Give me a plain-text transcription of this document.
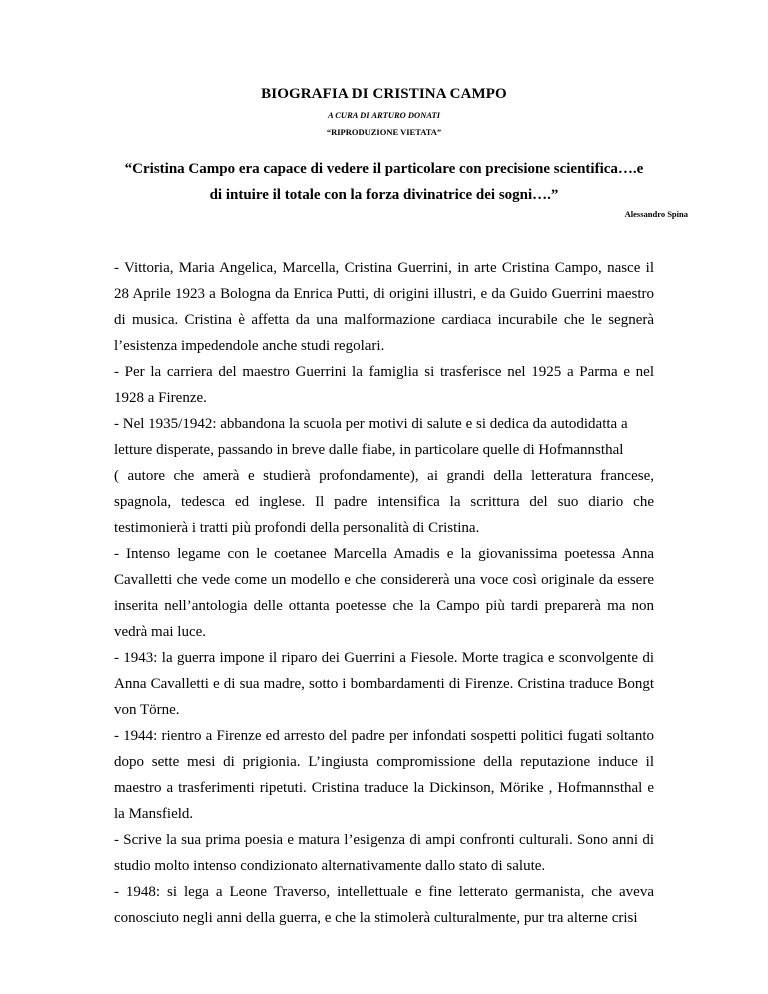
BIOGRAFIA DI CRISTINA CAMPO
A CURA DI ARTURO DONATI
“RIPRODUZIONE VIETATA”
“Cristina Campo era capace di vedere il particolare con precisione scientifica….e di intuire il totale con la forza divinatrice dei sogni….”
Alessandro Spina

- Vittoria, Maria Angelica, Marcella, Cristina Guerrini, in arte Cristina Campo, nasce il 28 Aprile 1923 a Bologna da Enrica Putti, di origini illustri, e da Guido Guerrini maestro di musica. Cristina è affetta da una malformazione cardiaca incurabile che le segnerà l’esistenza impedendole anche studi regolari.

- Per la carriera del maestro Guerrini la famiglia si trasferisce nel 1925 a Parma e nel 1928 a Firenze.

- Nel 1935/1942: abbandona la scuola per motivi di salute e si dedica da autodidatta a letture disperate, passando in breve dalle fiabe, in particolare quelle di Hofmannsthal

( autore che amerà e studierà profondamente), ai grandi della letteratura francese, spagnola, tedesca ed inglese. Il padre intensifica la scrittura del suo diario che testimonierà i tratti più profondi della personalità di Cristina.

- Intenso legame con le coetanee Marcella Amadis e la giovanissima poetessa Anna Cavalletti che vede come un modello e che considererà una voce così originale da essere inserita nell’antologia delle ottanta poetesse che la Campo più tardi preparerà ma non vedrà mai luce.

- 1943: la guerra impone il riparo dei Guerrini a Fiesole. Morte tragica e sconvolgente di Anna Cavalletti e di sua madre, sotto i bombardamenti di Firenze. Cristina traduce Bongt von Törne.

- 1944: rientro a Firenze ed arresto del padre per infondati sospetti politici fugati soltanto dopo sette mesi di prigionia. L’ingiusta compromissione della reputazione induce il maestro a trasferimenti ripetuti. Cristina traduce la Dickinson, Mörike , Hofmannsthal e la Mansfield.

- Scrive la sua prima poesia e matura l’esigenza di ampi confronti culturali. Sono anni di studio molto intenso condizionato alternativamente dallo stato di salute.

- 1948: si lega a Leone Traverso, intellettuale e fine letterato germanista, che aveva conosciuto negli anni della guerra, e che la stimolerà culturalmente, pur tra alterne crisi
